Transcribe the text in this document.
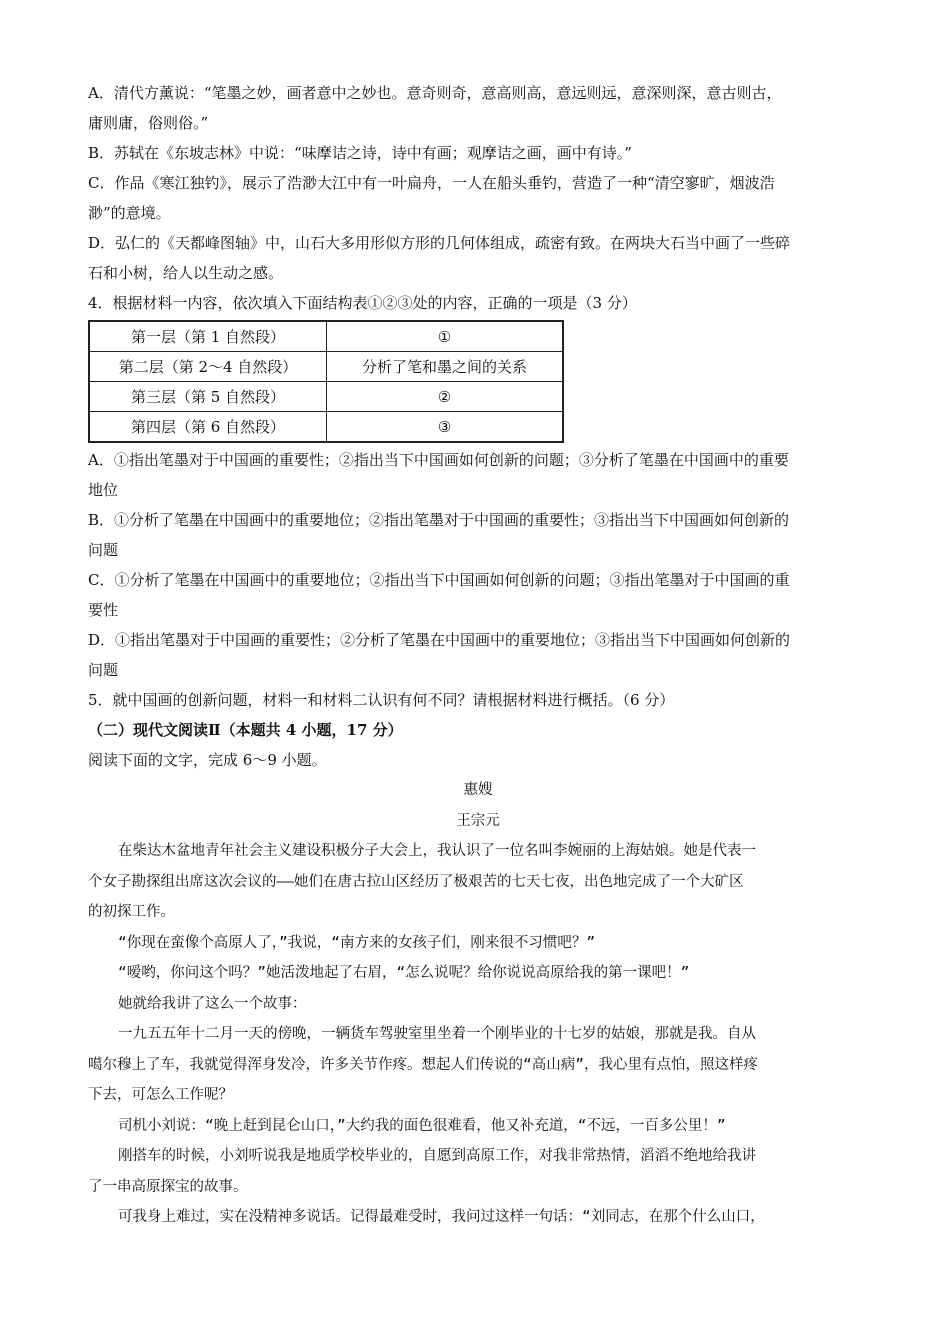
A．清代方薰说：“笔墨之妙，画者意中之妙也。意奇则奇，意高则高，意远则远，意深则深，意古则古，
庸则庸，俗则俗。”
B．苏轼在《东坡志林》中说：“味摩诘之诗，诗中有画；观摩诘之画，画中有诗。”
C．作品《寒江独钓》，展示了浩渺大江中有一叶扁舟，一人在船头垂钓，营造了一种“清空寥旷，烟波浩
渺”的意境。
D．弘仁的《天都峰图轴》中，山石大多用形似方形的几何体组成，疏密有致。在两块大石当中画了一些碎
石和小树，给人以生动之感。
4．根据材料一内容，依次填入下面结构表①②③处的内容，正确的一项是（3 分）
第一层（第 1 自然段）	①
第二层（第 2～4 自然段）	分析了笔和墨之间的关系
第三层（第 5 自然段）	②
第四层（第 6 自然段）	③
A．①指出笔墨对于中国画的重要性；②指出当下中国画如何创新的问题；③分析了笔墨在中国画中的重要
地位
B．①分析了笔墨在中国画中的重要地位；②指出笔墨对于中国画的重要性；③指出当下中国画如何创新的
问题
C．①分析了笔墨在中国画中的重要地位；②指出当下中国画如何创新的问题；③指出笔墨对于中国画的重
要性
D．①指出笔墨对于中国画的重要性；②分析了笔墨在中国画中的重要地位；③指出当下中国画如何创新的
问题
5．就中国画的创新问题，材料一和材料二认识有何不同？请根据材料进行概括。（6 分）
（二）现代文阅读Ⅱ（本题共 4 小题，17 分）
阅读下面的文字，完成 6～9 小题。
惠嫂
王宗元
在柴达木盆地青年社会主义建设积极分子大会上，我认识了一位名叫李婉丽的上海姑娘。她是代表一
个女子勘探组出席这次会议的——她们在唐古拉山区经历了极艰苦的七天七夜，出色地完成了一个大矿区
的初探工作。
“你现在蛮像个高原人了，”我说，“南方来的女孩子们，刚来很不习惯吧？”
“嗳哟，你问这个吗？”她活泼地起了右眉，“怎么说呢？给你说说高原给我的第一课吧！”
她就给我讲了这么一个故事：
一九五五年十二月一天的傍晚，一辆货车驾驶室里坐着一个刚毕业的十七岁的姑娘，那就是我。自从
噶尔穆上了车，我就觉得浑身发冷，许多关节作疼。想起人们传说的“高山病”，我心里有点怕，照这样疼
下去，可怎么工作呢？
司机小刘说：“晚上赶到昆仑山口，”大约我的面色很难看，他又补充道，“不远，一百多公里！”
刚搭车的时候，小刘听说我是地质学校毕业的，自愿到高原工作，对我非常热情，滔滔不绝地给我讲
了一串高原探宝的故事。
可我身上难过，实在没精神多说话。记得最难受时，我问过这样一句话：“刘同志，在那个什么山口，
